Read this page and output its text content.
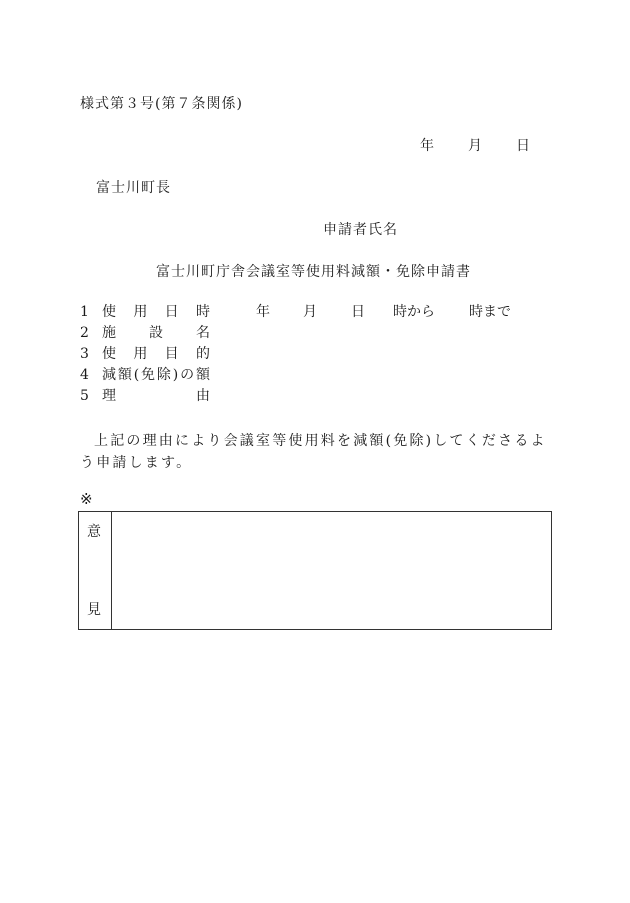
様式第３号(第７条関係)
年 月 日
富士川町長
申請者氏名
富士川町庁舎会議室等使用料減額・免除申請書
1 使用日時	年 月 日 時から 時まで
2 施設名
3 使用目的
4 減額(免除)の額
5 理由
上記の理由により会議室等使用料を減額(免除)してくださるよう申請します。
※
意
見
